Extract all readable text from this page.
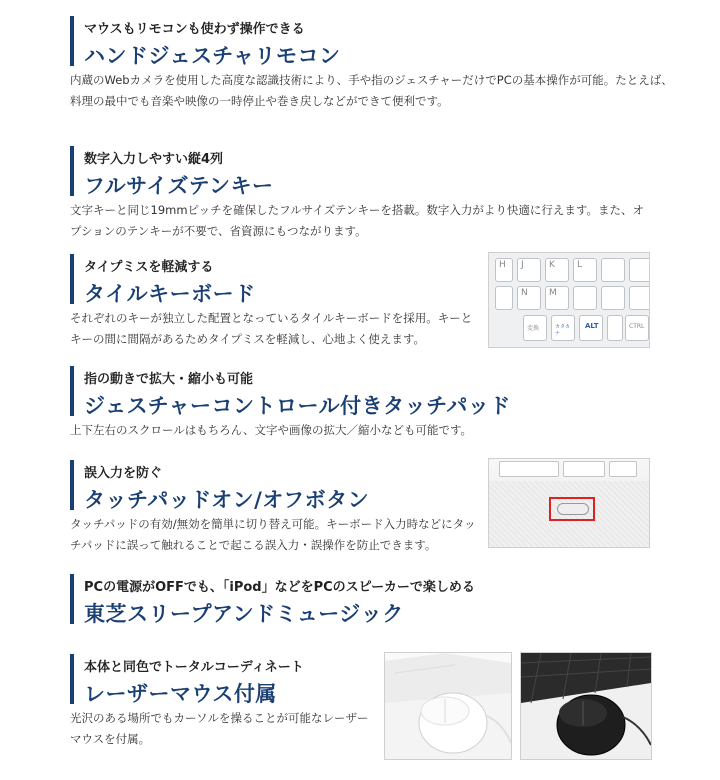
マウスもリモコンも使わず操作できる
ハンドジェスチャリモコン
内蔵のWebカメラを使用した高度な認識技術により、手や指のジェスチャーだけでPCの基本操作が可能。たとえば、料理の最中でも音楽や映像の一時停止や巻き戻しなどができて便利です。
数字入力しやすい縦4列
フルサイズテンキー
文字キーと同じ19mmピッチを確保したフルサイズテンキーを搭載。数字入力がより快適に行えます。また、オプションのテンキーが不要で、省資源にもつながります。
タイプミスを軽減する
タイルキーボード
それぞれのキーが独立した配置となっているタイルキーボードを採用。キーとキーの間に間隔があるためタイプミスを軽減し、心地よく使えます。
H J	K L
N M
変換	カタカナ
ALT	CTRL
指の動きで拡大・縮小も可能
ジェスチャーコントロール付きタッチパッド
上下左右のスクロールはもちろん、文字や画像の拡大／縮小なども可能です。
誤入力を防ぐ
タッチパッドオン/オフボタン
タッチパッドの有効/無効を簡単に切り替え可能。キーボード入力時などにタッチパッドに誤って触れることで起こる誤入力・誤操作を防止できます。
PCの電源がOFFでも、「iPod」などをPCのスピーカーで楽しめる
東芝スリープアンドミュージック
本体と同色でトータルコーディネート
レーザーマウス付属
光沢のある場所でもカーソルを操ることが可能なレーザーマウスを付属。
